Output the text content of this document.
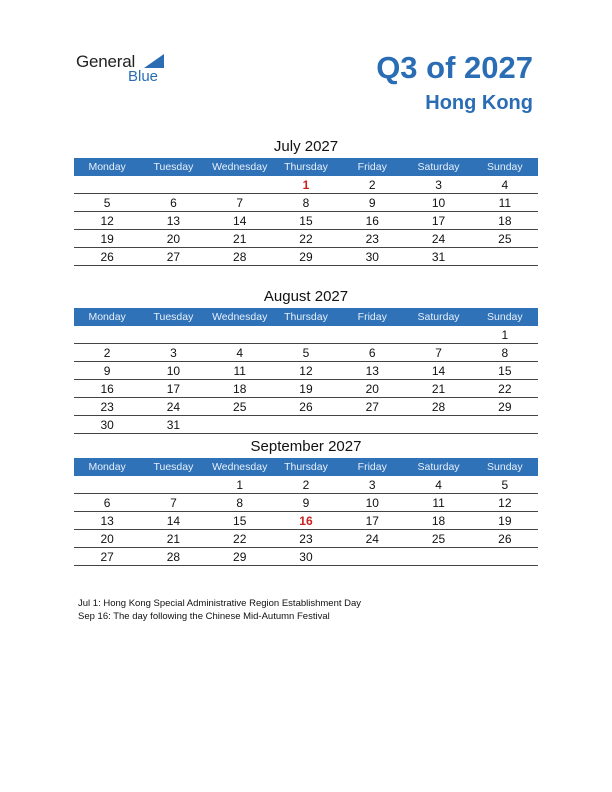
General
Blue	Q3 of 2027
Hong Kong
July 2027
Monday	Tuesday	Wednesday	Thursday	Friday	Saturday	Sunday
			1	2	3	4
5	6	7	8	9	10	11
12	13	14	15	16	17	18
19	20	21	22	23	24	25
26	27	28	29	30	31	
August 2027
Monday	Tuesday	Wednesday	Thursday	Friday	Saturday	Sunday
						1
2	3	4	5	6	7	8
9	10	11	12	13	14	15
16	17	18	19	20	21	22
23	24	25	26	27	28	29
30	31					
September 2027
Monday	Tuesday	Wednesday	Thursday	Friday	Saturday	Sunday
		1	2	3	4	5
6	7	8	9	10	11	12
13	14	15	16	17	18	19
20	21	22	23	24	25	26
27	28	29	30			
Jul 1: Hong Kong Special Administrative Region Establishment Day
Sep 16: The day following the Chinese Mid-Autumn Festival
